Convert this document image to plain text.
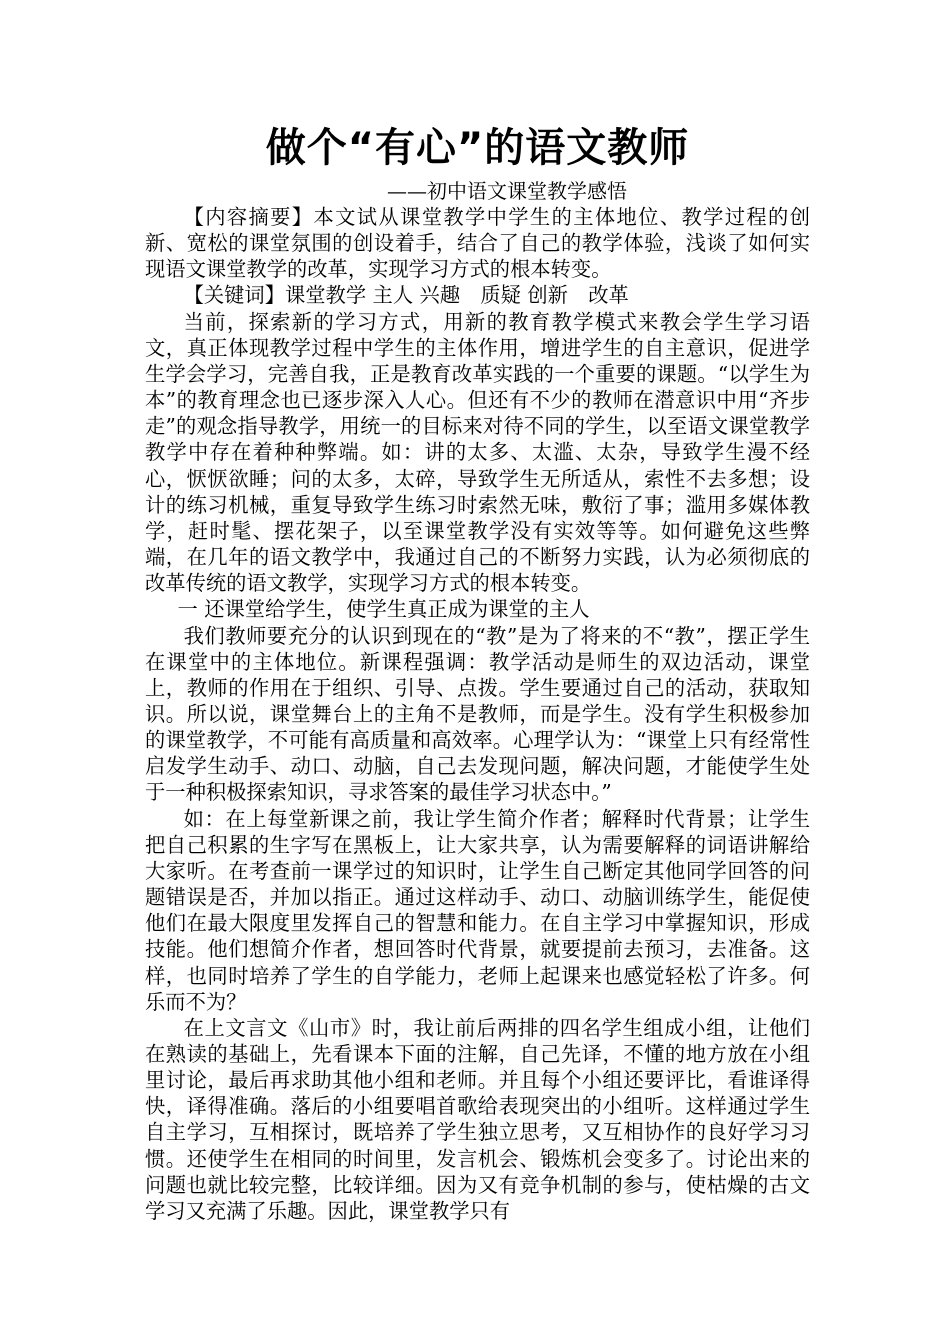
做个“有心”的语文教师

——初中语文课堂教学感悟

【内容摘要】本文试从课堂教学中学生的主体地位、教学过程的创新、宽松的课堂氛围的创设着手，结合了自己的教学体验，浅谈了如何实现语文课堂教学的改革，实现学习方式的根本转变。

【关键词】课堂教学 主人 兴趣　质疑 创新　改革

当前，探索新的学习方式，用新的教育教学模式来教会学生学习语文，真正体现教学过程中学生的主体作用，增进学生的自主意识，促进学生学会学习，完善自我，正是教育改革实践的一个重要的课题。“以学生为本”的教育理念也已逐步深入人心。但还有不少的教师在潜意识中用“齐步走”的观念指导教学，用统一的目标来对待不同的学生，以至语文课堂教学教学中存在着种种弊端。如：讲的太多、太滥、太杂，导致学生漫不经心，恹恹欲睡；问的太多，太碎，导致学生无所适从，索性不去多想；设计的练习机械，重复导致学生练习时索然无味，敷衍了事；滥用多媒体教学，赶时髦、摆花架子，以至课堂教学没有实效等等。如何避免这些弊端，在几年的语文教学中，我通过自己的不断努力实践，认为必须彻底的改革传统的语文教学，实现学习方式的根本转变。

一 还课堂给学生，使学生真正成为课堂的主人

我们教师要充分的认识到现在的“教”是为了将来的不“教”，摆正学生在课堂中的主体地位。新课程强调：教学活动是师生的双边活动，课堂上，教师的作用在于组织、引导、点拨。学生要通过自己的活动，获取知识。所以说，课堂舞台上的主角不是教师，而是学生。没有学生积极参加的课堂教学，不可能有高质量和高效率。心理学认为：“课堂上只有经常性启发学生动手、动口、动脑，自己去发现问题，解决问题，才能使学生处于一种积极探索知识，寻求答案的最佳学习状态中。”

如：在上每堂新课之前，我让学生简介作者；解释时代背景；让学生把自己积累的生字写在黑板上，让大家共享，认为需要解释的词语讲解给大家听。在考查前一课学过的知识时，让学生自己断定其他同学回答的问题错误是否，并加以指正。通过这样动手、动口、动脑训练学生，能促使他们在最大限度里发挥自己的智慧和能力。在自主学习中掌握知识，形成技能。他们想简介作者，想回答时代背景，就要提前去预习，去准备。这样，也同时培养了学生的自学能力，老师上起课来也感觉轻松了许多。何乐而不为？

在上文言文《山市》时，我让前后两排的四名学生组成小组，让他们在熟读的基础上，先看课本下面的注解，自己先译，不懂的地方放在小组里讨论，最后再求助其他小组和老师。并且每个小组还要评比，看谁译得快，译得准确。落后的小组要唱首歌给表现突出的小组听。这样通过学生自主学习，互相探讨，既培养了学生独立思考，又互相协作的良好学习习惯。还使学生在相同的时间里，发言机会、锻炼机会变多了。讨论出来的问题也就比较完整，比较详细。因为又有竞争机制的参与，使枯燥的古文学习又充满了乐趣。因此，课堂教学只有
